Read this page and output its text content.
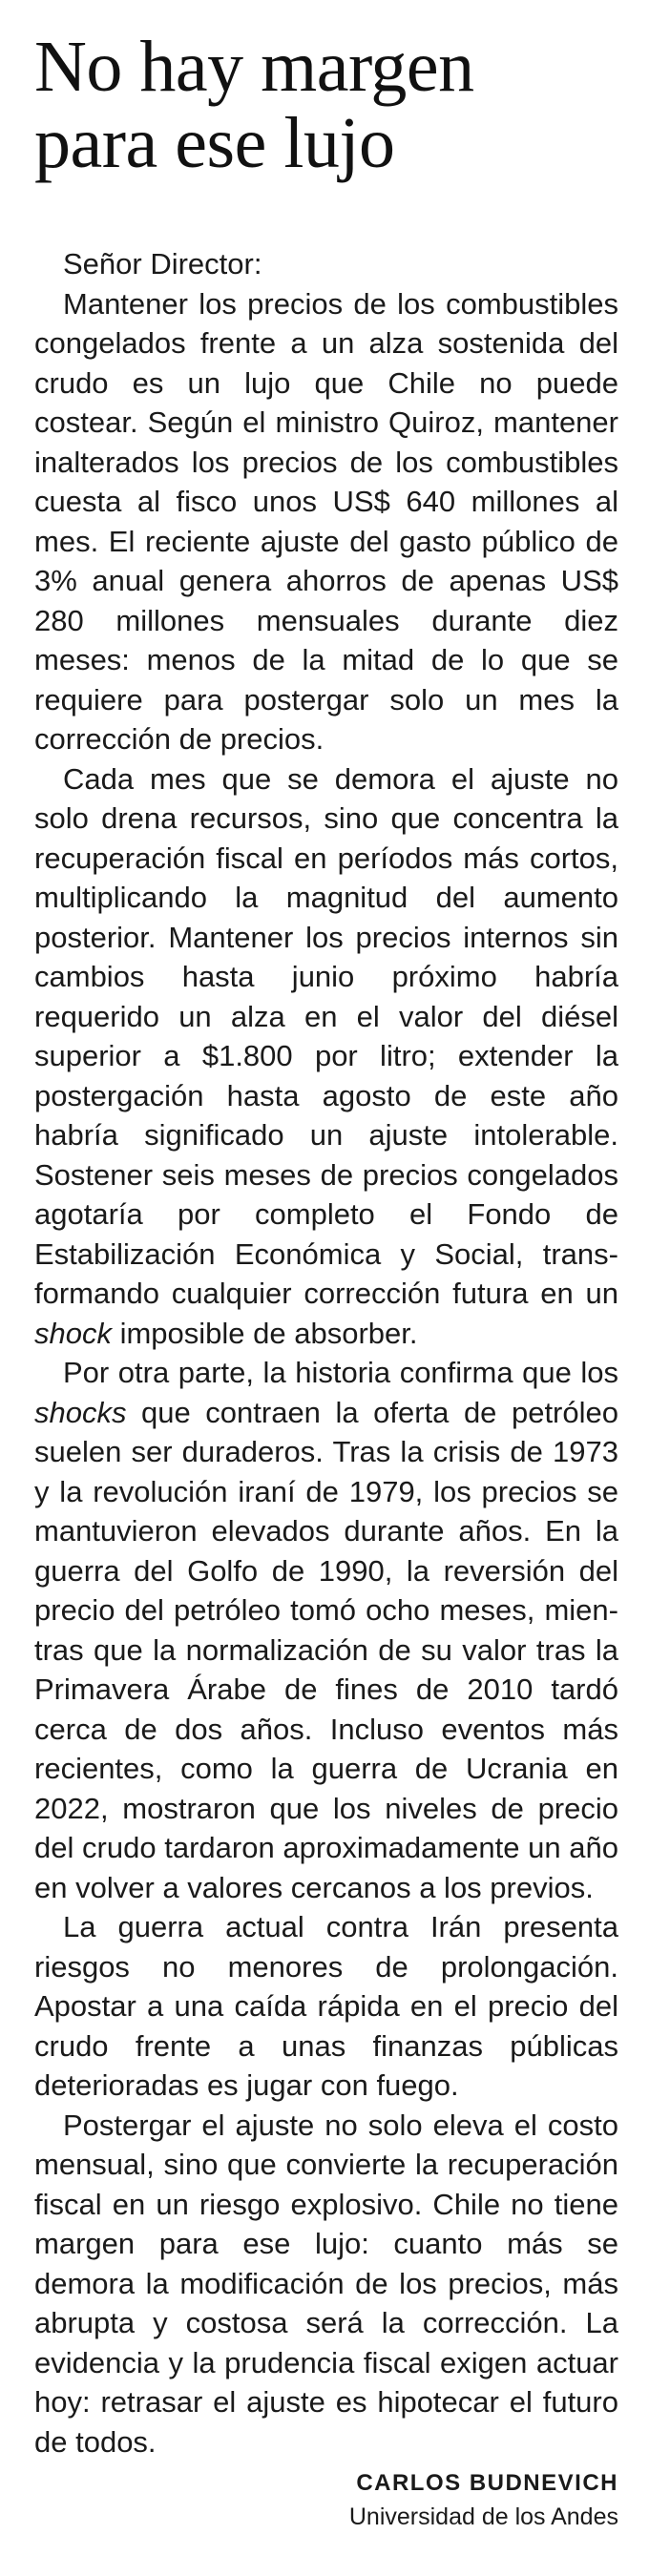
No hay margen
para ese lujo

Señor Director:

Mantener los precios de los combustibles congelados frente a un alza sostenida del crudo es un lujo que Chile no puede costear. Según el ministro Quiroz, mantener inalterados los precios de los combustibles cuesta al fisco unos US$ 640 millones al mes. El reciente ajuste del gasto público de 3% anual genera ahorros de apenas US$ 280 millones mensuales durante diez meses: menos de la mitad de lo que se requiere para postergar solo un mes la corrección de precios.

Cada mes que se demora el ajuste no solo drena recursos, sino que concentra la recuperación fiscal en períodos más cortos, multiplicando la magnitud del aumento posterior. Mantener los precios internos sin cambios hasta junio próximo habría requerido un alza en el valor del diésel superior a $1.800 por litro; extender la postergación hasta agosto de este año habría significado un ajuste intolerable. Sostener seis meses de precios congelados agotaría por completo el Fondo de Estabilización Económica y Social, transformando cualquier corrección futura en un shock imposible de absorber.

Por otra parte, la historia confirma que los shocks que contraen la oferta de petróleo suelen ser duraderos. Tras la crisis de 1973 y la revolución iraní de 1979, los precios se mantuvieron elevados durante años. En la guerra del Golfo de 1990, la reversión del precio del petróleo tomó ocho meses, mientras que la normalización de su valor tras la Primavera Árabe de fines de 2010 tardó cerca de dos años. Incluso eventos más recientes, como la guerra de Ucrania en 2022, mostraron que los niveles de precio del crudo tardaron aproximadamente un año en volver a valores cercanos a los previos.

La guerra actual contra Irán presenta riesgos no menores de prolongación. Apostar a una caída rápida en el precio del crudo frente a unas finanzas públicas deterioradas es jugar con fuego.

Postergar el ajuste no solo eleva el costo mensual, sino que convierte la recuperación fiscal en un riesgo explosivo. Chile no tiene margen para ese lujo: cuanto más se demora la modificación de los precios, más abrupta y costosa será la corrección. La evidencia y la prudencia fiscal exigen actuar hoy: retrasar el ajuste es hipotecar el futuro de todos.

CARLOS BUDNEVICH
Universidad de los Andes
